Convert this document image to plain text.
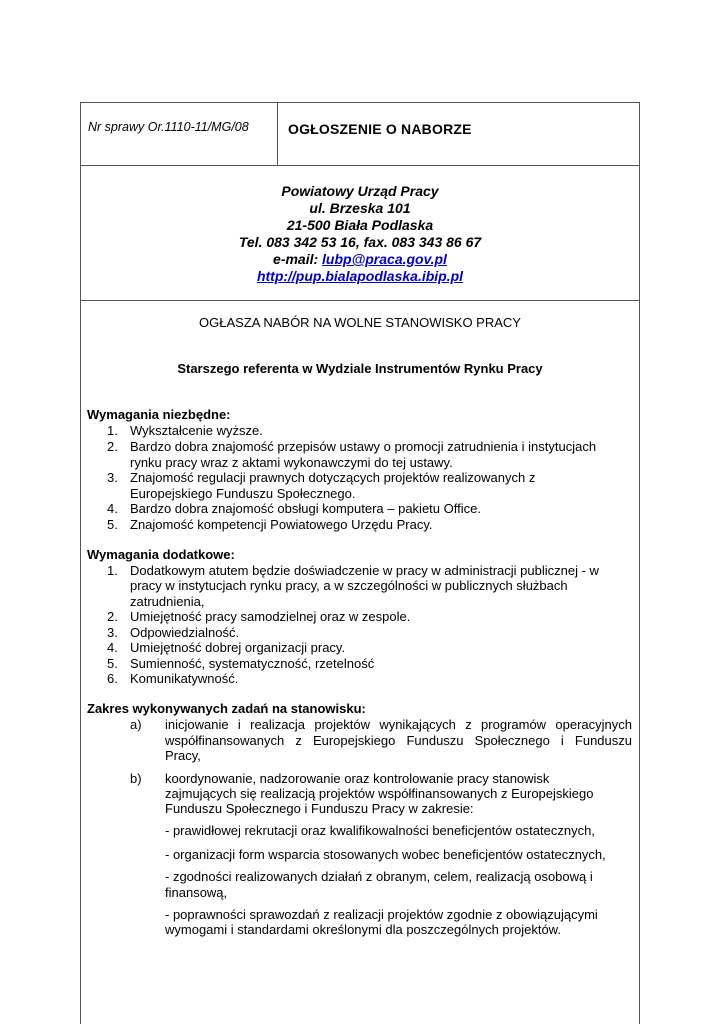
Nr sprawy Or.1110-11/MG/08	OGŁOSZENIE O NABORZE
Powiatowy Urząd Pracy
ul. Brzeska 101
21-500 Biała Podlaska
Tel. 083 342 53 16, fax. 083 343 86 67
e-mail: lubp@praca.gov.pl
http://pup.bialapodlaska.ibip.pl
OGŁASZA NABÓR NA WOLNE STANOWISKO PRACY
Starszego referenta w Wydziale Instrumentów Rynku Pracy
Wymagania niezbędne:
1. Wykształcenie wyższe.
2. Bardzo dobra znajomość przepisów ustawy o promocji zatrudnienia i instytucjach
rynku pracy wraz z aktami wykonawczymi do tej ustawy.
3. Znajomość regulacji prawnych dotyczących projektów realizowanych z
Europejskiego Funduszu Społecznego.
4. Bardzo dobra znajomość obsługi komputera – pakietu Office.
5. Znajomość kompetencji Powiatowego Urzędu Pracy.
Wymagania dodatkowe:
1. Dodatkowym atutem będzie doświadczenie w pracy w administracji publicznej - w
pracy w instytucjach rynku pracy, a w szczególności w publicznych służbach
zatrudnienia,
2. Umiejętność pracy samodzielnej oraz w zespole.
3. Odpowiedzialność.
4. Umiejętność dobrej organizacji pracy.
5. Sumienność, systematyczność, rzetelność
6. Komunikatywność.
Zakres wykonywanych zadań na stanowisku:
a) inicjowanie i realizacja projektów wynikających z programów operacyjnych
współfinansowanych z Europejskiego Funduszu Społecznego i Funduszu
Pracy,
b) koordynowanie, nadzorowanie oraz kontrolowanie pracy stanowisk
zajmujących się realizacją projektów współfinansowanych z Europejskiego
Funduszu Społecznego i Funduszu Pracy w zakresie:
- prawidłowej rekrutacji oraz kwalifikowalności beneficjentów ostatecznych,
- organizacji form wsparcia stosowanych wobec beneficjentów ostatecznych,
- zgodności realizowanych działań z obranym, celem, realizacją osobową i
finansową,
- poprawności sprawozdań z realizacji projektów zgodnie z obowiązującymi
wymogami i standardami określonymi dla poszczególnych projektów.
